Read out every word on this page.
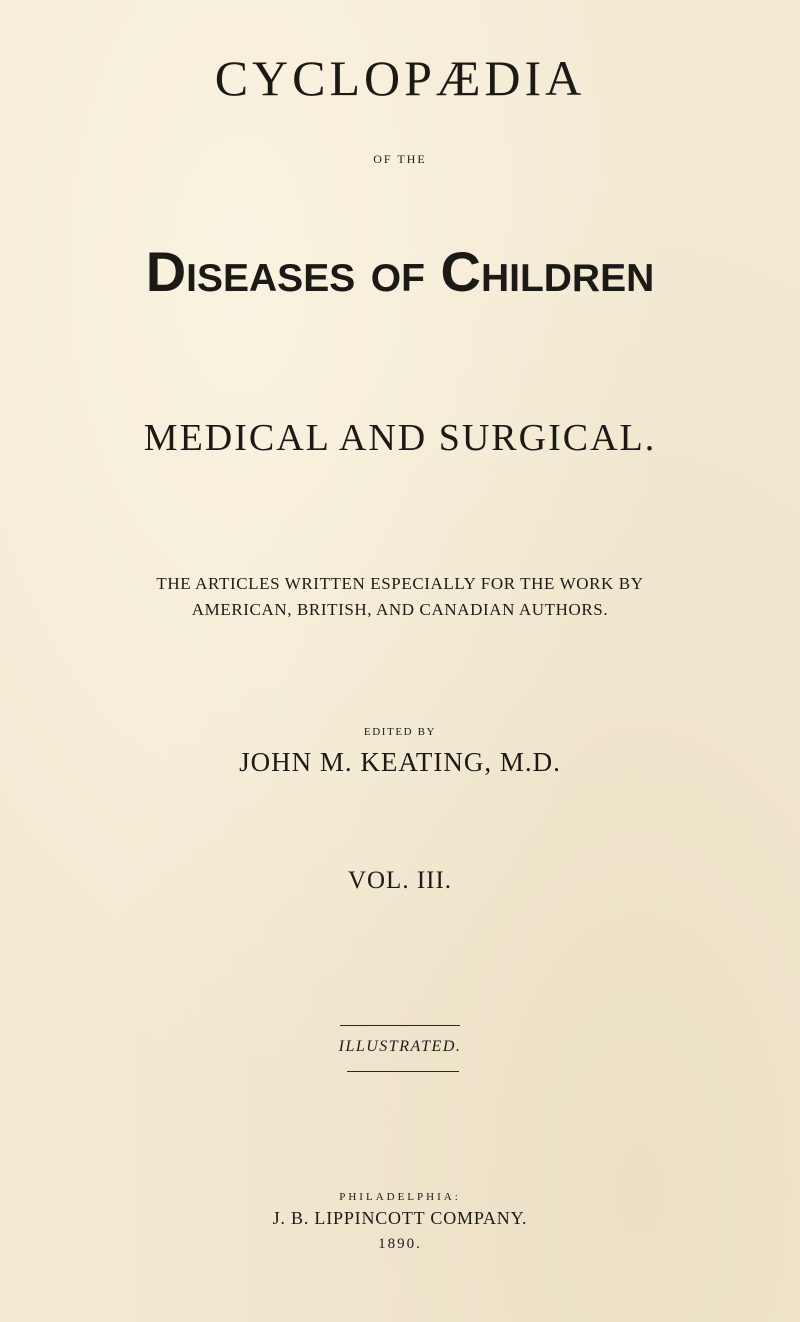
CYCLOPÆDIA

OF THE

Diseases of Children

MEDICAL AND SURGICAL.

THE ARTICLES WRITTEN ESPECIALLY FOR THE WORK BY

AMERICAN, BRITISH, AND CANADIAN AUTHORS.

EDITED BY

JOHN M. KEATING, M.D.

VOL. III.

ILLUSTRATED.

PHILADELPHIA:

J. B. LIPPINCOTT COMPANY.

1890.
